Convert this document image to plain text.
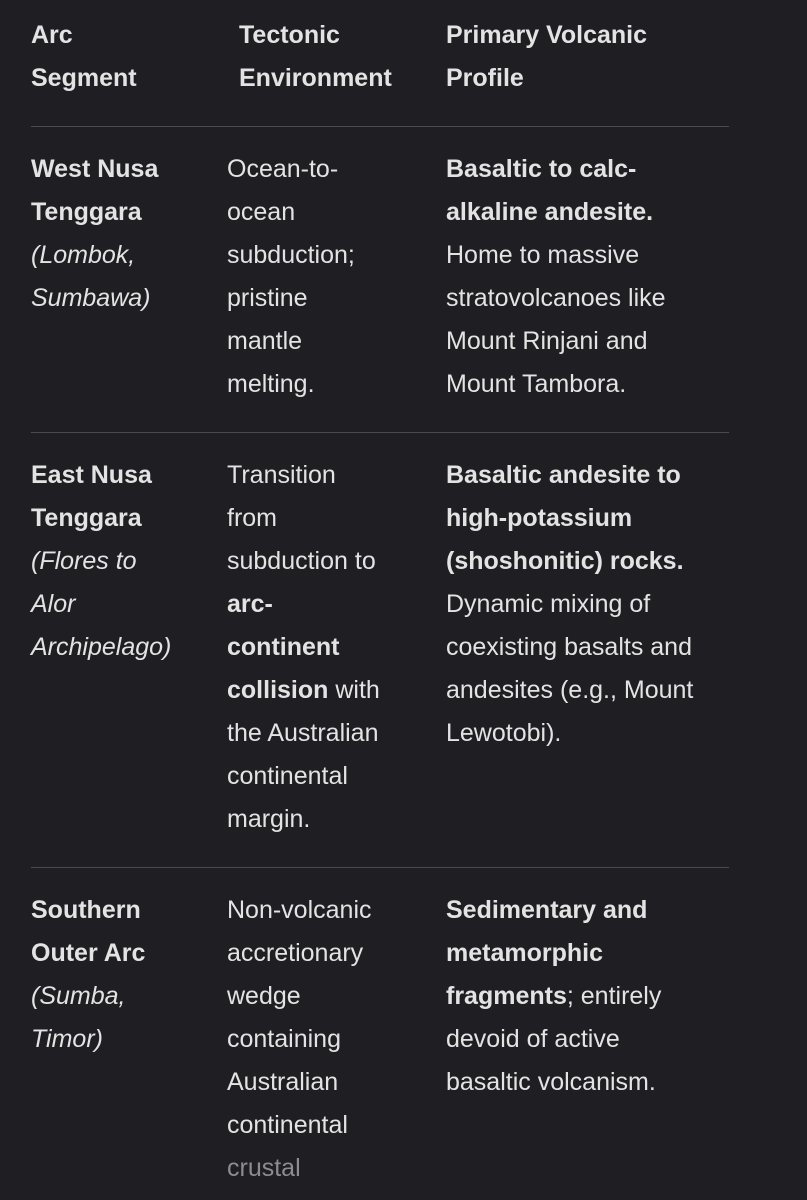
Arc
Segment
Tectonic
Environment
Primary Volcanic
Profile
West Nusa
Tenggara
(Lombok,
Sumbawa)
Ocean-to-
ocean
subduction;
pristine
mantle
melting.
Basaltic to calc-
alkaline andesite.
Home to massive
stratovolcanoes like
Mount Rinjani and
Mount Tambora.
East Nusa
Tenggara
(Flores to
Alor
Archipelago)
Transition
from
subduction to
arc-
continent
collision with
the Australian
continental
margin.
Basaltic andesite to
high-potassium
(shoshonitic) rocks.
Dynamic mixing of
coexisting basalts and
andesites (e.g., Mount
Lewotobi).
Southern
Outer Arc
(Sumba,
Timor)
Non-volcanic
accretionary
wedge
containing
Australian
continental
crustal
Sedimentary and
metamorphic
fragments; entirely
devoid of active
basaltic volcanism.
